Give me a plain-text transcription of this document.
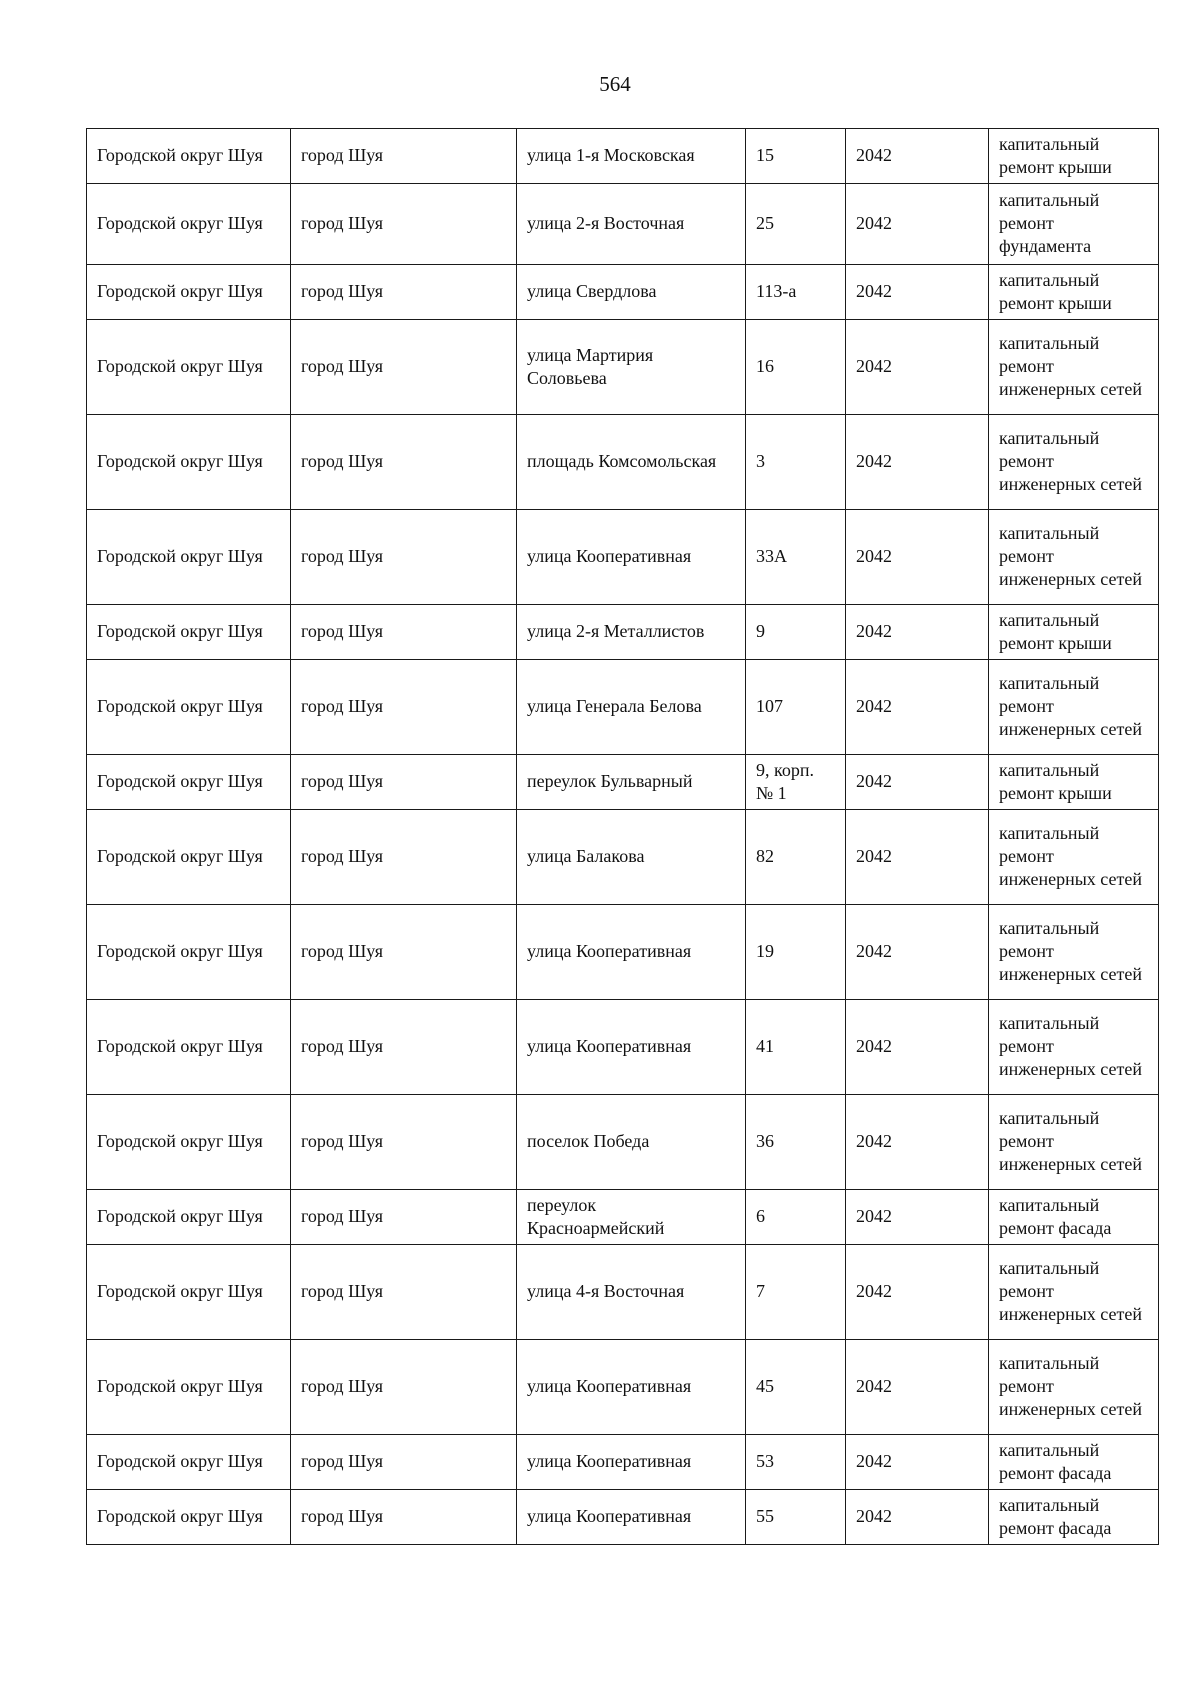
564
Городской округ Шуя	город Шуя	улица 1-я Московская	15	2042	капитальный ремонт крыши
Городской округ Шуя	город Шуя	улица 2-я Восточная	25	2042	капитальный ремонт фундамента
Городской округ Шуя	город Шуя	улица Свердлова	113-а	2042	капитальный ремонт крыши
Городской округ Шуя	город Шуя	улица Мартирия Соловьева	16	2042	капитальный ремонт инженерных сетей
Городской округ Шуя	город Шуя	площадь Комсомольская	3	2042	капитальный ремонт инженерных сетей
Городской округ Шуя	город Шуя	улица Кооперативная	33А	2042	капитальный ремонт инженерных сетей
Городской округ Шуя	город Шуя	улица 2-я Металлистов	9	2042	капитальный ремонт крыши
Городской округ Шуя	город Шуя	улица Генерала Белова	107	2042	капитальный ремонт инженерных сетей
Городской округ Шуя	город Шуя	переулок Бульварный	9, корп. № 1	2042	капитальный ремонт крыши
Городской округ Шуя	город Шуя	улица Балакова	82	2042	капитальный ремонт инженерных сетей
Городской округ Шуя	город Шуя	улица Кооперативная	19	2042	капитальный ремонт инженерных сетей
Городской округ Шуя	город Шуя	улица Кооперативная	41	2042	капитальный ремонт инженерных сетей
Городской округ Шуя	город Шуя	поселок Победа	36	2042	капитальный ремонт инженерных сетей
Городской округ Шуя	город Шуя	переулок Красноармейский	6	2042	капитальный ремонт фасада
Городской округ Шуя	город Шуя	улица 4-я Восточная	7	2042	капитальный ремонт инженерных сетей
Городской округ Шуя	город Шуя	улица Кооперативная	45	2042	капитальный ремонт инженерных сетей
Городской округ Шуя	город Шуя	улица Кооперативная	53	2042	капитальный ремонт фасада
Городской округ Шуя	город Шуя	улица Кооперативная	55	2042	капитальный ремонт фасада
